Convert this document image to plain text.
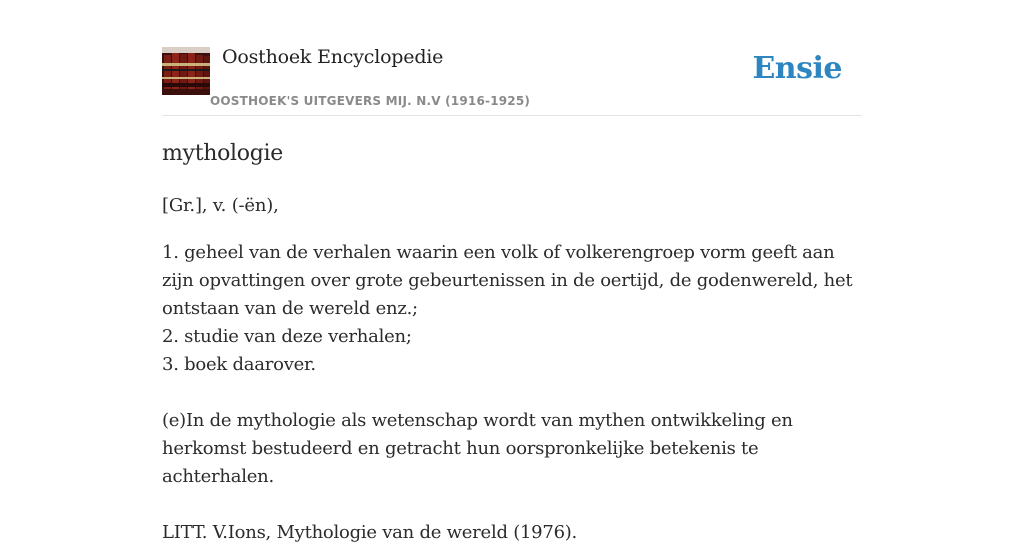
Oosthoek Encyclopedie
OOSTHOEK'S UITGEVERS MIJ. N.V (1916-1925)
Ensie
mythologie
[Gr.], v. (-ën),
1. geheel van de verhalen waarin een volk of volkerengroep vorm geeft aan zijn opvattingen over grote gebeurtenissen in de oertijd, de godenwereld, het ontstaan van de wereld enz.;
2. studie van deze verhalen;
3. boek daarover.
(e)In de mythologie als wetenschap wordt van mythen ontwikkeling en herkomst bestudeerd en getracht hun oorspronkelijke betekenis te achterhalen.
LITT. V.Ions, Mythologie van de wereld (1976).
